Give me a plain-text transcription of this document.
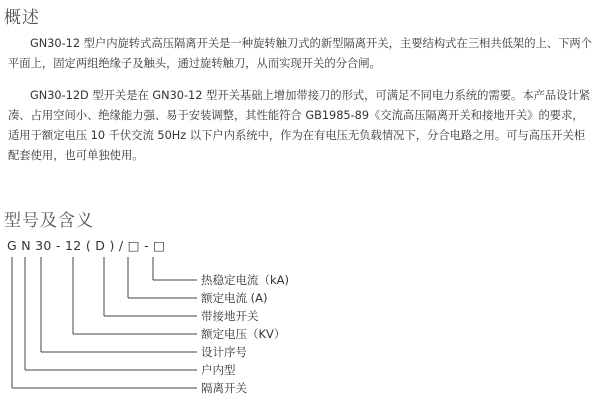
概述

GN30-12 型户内旋转式高压隔离开关是一种旋转触刀式的新型隔离开关，主要结构式在三相共低架的上、下两个平面上，固定两组绝缘子及触头，通过旋转触刀，从而实现开关的分合闸。

GN30-12D 型开关是在 GN30-12 型开关基础上增加带接刀的形式，可满足不同电力系统的需要。本产品设计紧凑、占用空间小、绝缘能力强、易于安装调整，其性能符合 GB1985-89《交流高压隔离开关和接地开关》的要求，适用于额定电压 10 千伏交流 50Hz 以下户内系统中，作为在有电压无负载情况下，分合电路之用。可与高压开关柜配套使用，也可单独使用。

型号及含义
G N 30 - 12 ( D ) / □ - □
热稳定电流（kA)
额定电流 (A)
带接地开关
额定电压（KV）
设计序号
户内型
隔离开关
